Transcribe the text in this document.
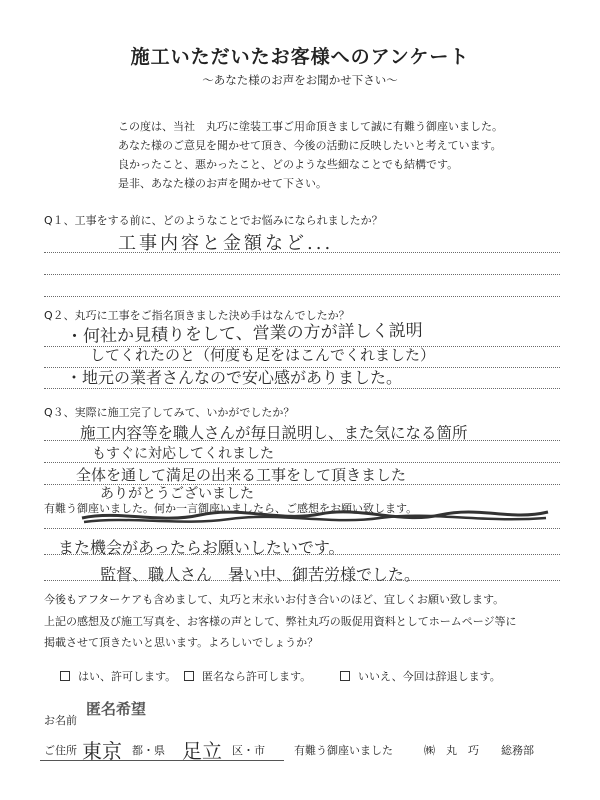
施工いただいたお客様へのアンケート
～あなた様のお声をお聞かせ下さい～
この度は、当社　丸巧に塗装工事ご用命頂きまして誠に有難う御座いました。
あなた様のご意見を聞かせて頂き、今後の活動に反映したいと考えています。
良かったこと、悪かったこと、どのような些細なことでも結構です。
是非、あなた様のお声を聞かせて下さい。
Q１、工事をする前に、どのようなことでお悩みになられましたか？
工事内容と金額など...
Q２、丸巧に工事をご指名頂きました決め手はなんでしたか？
・何社か見積りをして、営業の方が詳しく説明
してくれたのと（何度も足をはこんでくれました）
・地元の業者さんなので安心感がありました。
Q３、実際に施工完了してみて、いかがでしたか？
施工内容等を職人さんが毎日説明し、また気になる箇所
もすぐに対応してくれました
全体を通して満足の出来る工事をして頂きました
ありがとうございました
有難う御座いました。何か一言御座いましたら、ご感想をお願い致します。
また機会があったらお願いしたいです。
監督、職人さん　暑い中、御苦労様でした。
今後もアフターケアも含めまして、丸巧と末永いお付き合いのほど、宜しくお願い致します。
上記の感想及び施工写真を、お客様の声として、弊社丸巧の販促用資料としてホームページ等に
掲載させて頂きたいと思います。よろしいでしょうか？
はい、許可します。	匿名なら許可します。	いいえ、今回は辞退します。
お名前
匿名希望
ご住所 東京 都・県 足立 区・市	有難う御座いました	㈱　丸　巧　　総務部
